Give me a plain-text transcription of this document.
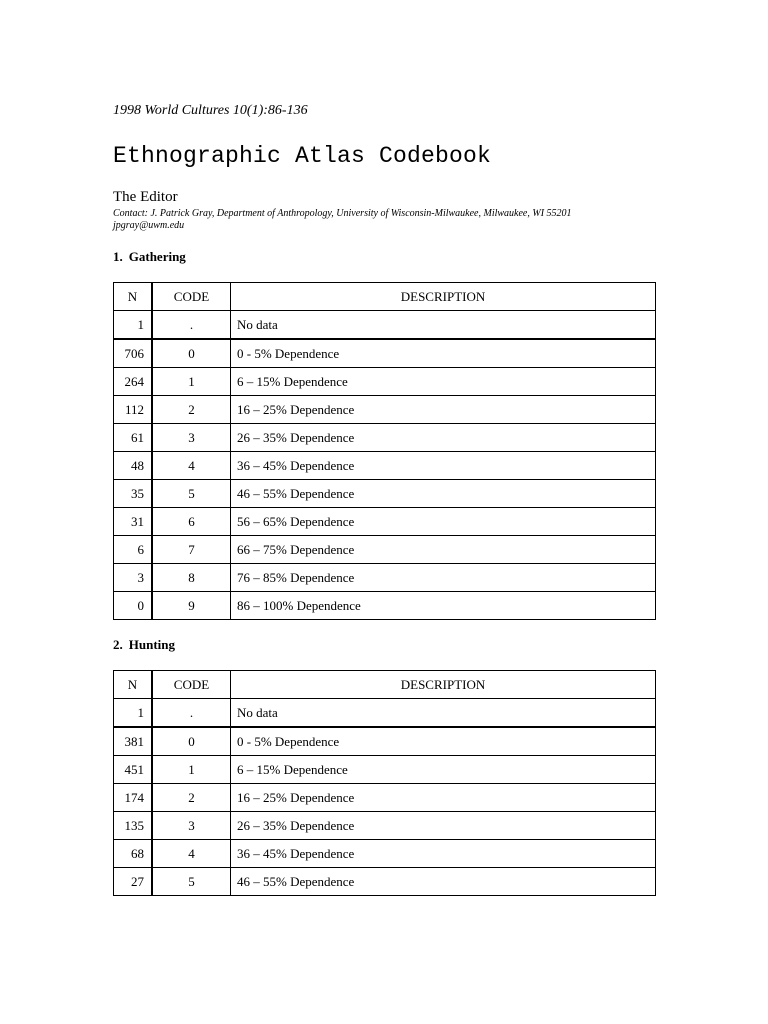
1998 World Cultures 10(1):86-136
Ethnographic Atlas Codebook
The Editor
Contact: J. Patrick Gray, Department of Anthropology, University of Wisconsin-Milwaukee, Milwaukee, WI 55201
jpgray@uwm.edu
1. Gathering
N	CODE	DESCRIPTION
1	.	No data
706	0	0 - 5% Dependence
264	1	6 – 15% Dependence
112	2	16 – 25% Dependence
61	3	26 – 35% Dependence
48	4	36 – 45% Dependence
35	5	46 – 55% Dependence
31	6	56 – 65% Dependence
6	7	66 – 75% Dependence
3	8	76 – 85% Dependence
0	9	86 – 100% Dependence
2. Hunting
N	CODE	DESCRIPTION
1	.	No data
381	0	0 - 5% Dependence
451	1	6 – 15% Dependence
174	2	16 – 25% Dependence
135	3	26 – 35% Dependence
68	4	36 – 45% Dependence
27	5	46 – 55% Dependence
